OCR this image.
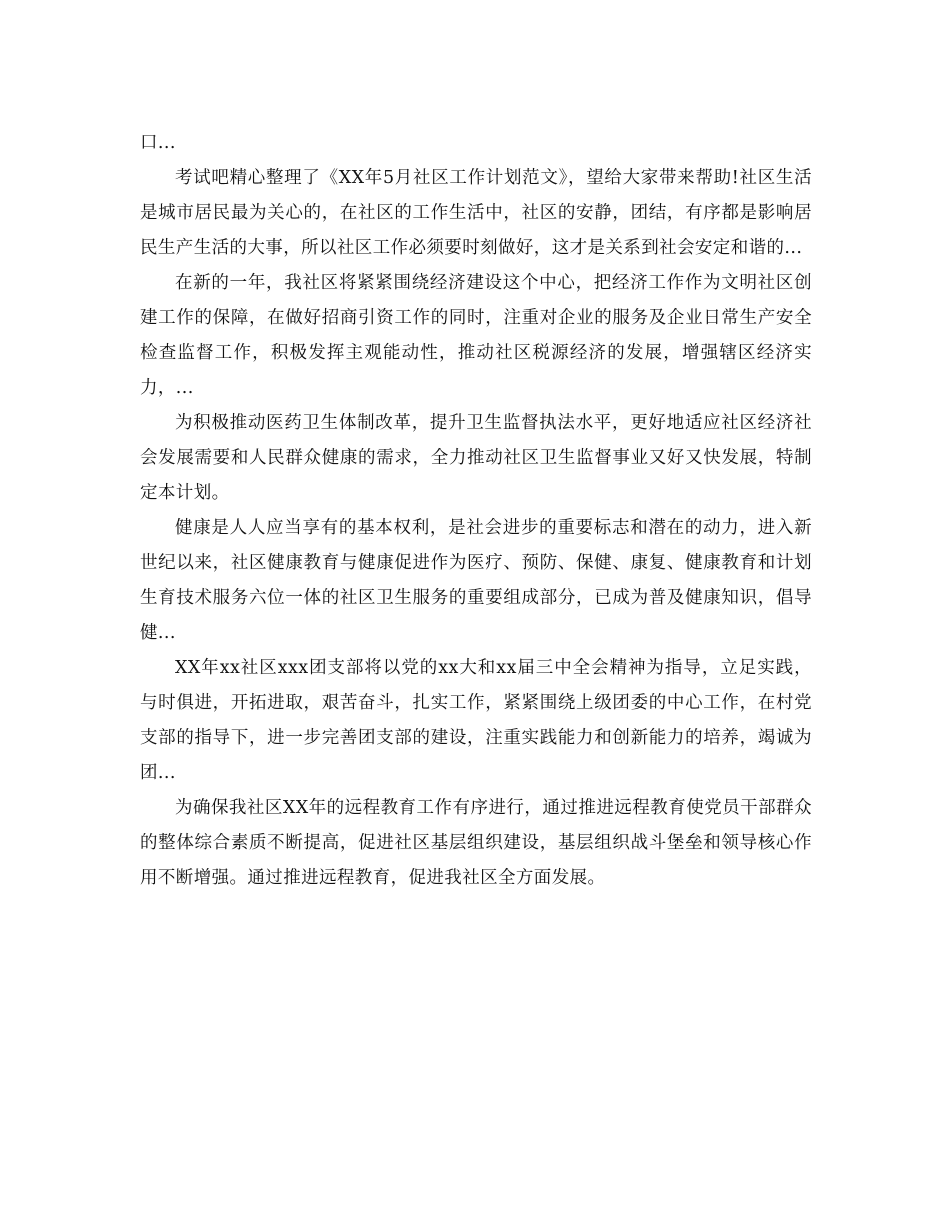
口...

考试吧精心整理了《XX年5月社区工作计划范文》，望给大家带来帮助!社区生活是城市居民最为关心的，在社区的工作生活中，社区的安静，团结，有序都是影响居民生产生活的大事，所以社区工作必须要时刻做好，这才是关系到社会安定和谐的...

在新的一年，我社区将紧紧围绕经济建设这个中心，把经济工作作为文明社区创建工作的保障，在做好招商引资工作的同时，注重对企业的服务及企业日常生产安全检查监督工作，积极发挥主观能动性，推动社区税源经济的发展，增强辖区经济实力，...

为积极推动医药卫生体制改革，提升卫生监督执法水平，更好地适应社区经济社会发展需要和人民群众健康的需求，全力推动社区卫生监督事业又好又快发展，特制定本计划。

健康是人人应当享有的基本权利，是社会进步的重要标志和潜在的动力，进入新世纪以来，社区健康教育与健康促进作为医疗、预防、保健、康复、健康教育和计划生育技术服务六位一体的社区卫生服务的重要组成部分，已成为普及健康知识，倡导健...

XX年xx社区xxx团支部将以党的xx大和xx届三中全会精神为指导，立足实践，与时俱进，开拓进取，艰苦奋斗，扎实工作，紧紧围绕上级团委的中心工作，在村党支部的指导下，进一步完善团支部的建设，注重实践能力和创新能力的培养，竭诚为团...

为确保我社区XX年的远程教育工作有序进行，通过推进远程教育使党员干部群众的整体综合素质不断提高，促进社区基层组织建设，基层组织战斗堡垒和领导核心作用不断增强。通过推进远程教育，促进我社区全方面发展。
